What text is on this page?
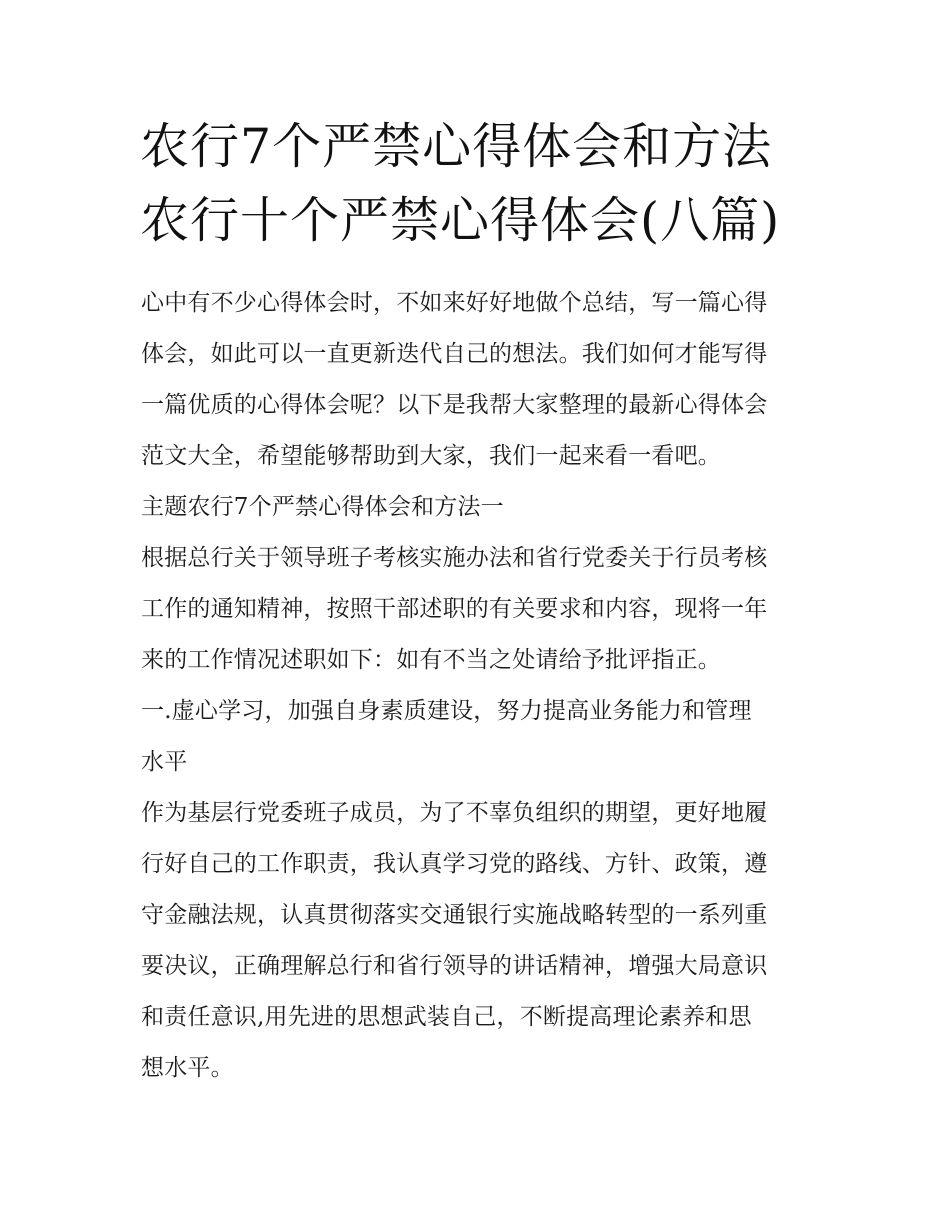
农行7个严禁心得体会和方法
农行十个严禁心得体会(八篇)
心中有不少心得体会时，不如来好好地做个总结，写一篇心得
体会，如此可以一直更新迭代自己的想法。我们如何才能写得
一篇优质的心得体会呢？以下是我帮大家整理的最新心得体会
范文大全，希望能够帮助到大家，我们一起来看一看吧。
主题农行7个严禁心得体会和方法一
根据总行关于领导班子考核实施办法和省行党委关于行员考核
工作的通知精神，按照干部述职的有关要求和内容，现将一年
来的工作情况述职如下：如有不当之处请给予批评指正。
一.虚心学习，加强自身素质建设，努力提高业务能力和管理
水平
作为基层行党委班子成员，为了不辜负组织的期望，更好地履
行好自己的工作职责，我认真学习党的路线、方针、政策，遵
守金融法规，认真贯彻落实交通银行实施战略转型的一系列重
要决议，正确理解总行和省行领导的讲话精神，增强大局意识
和责任意识,用先进的思想武装自己，不断提高理论素养和思
想水平。
